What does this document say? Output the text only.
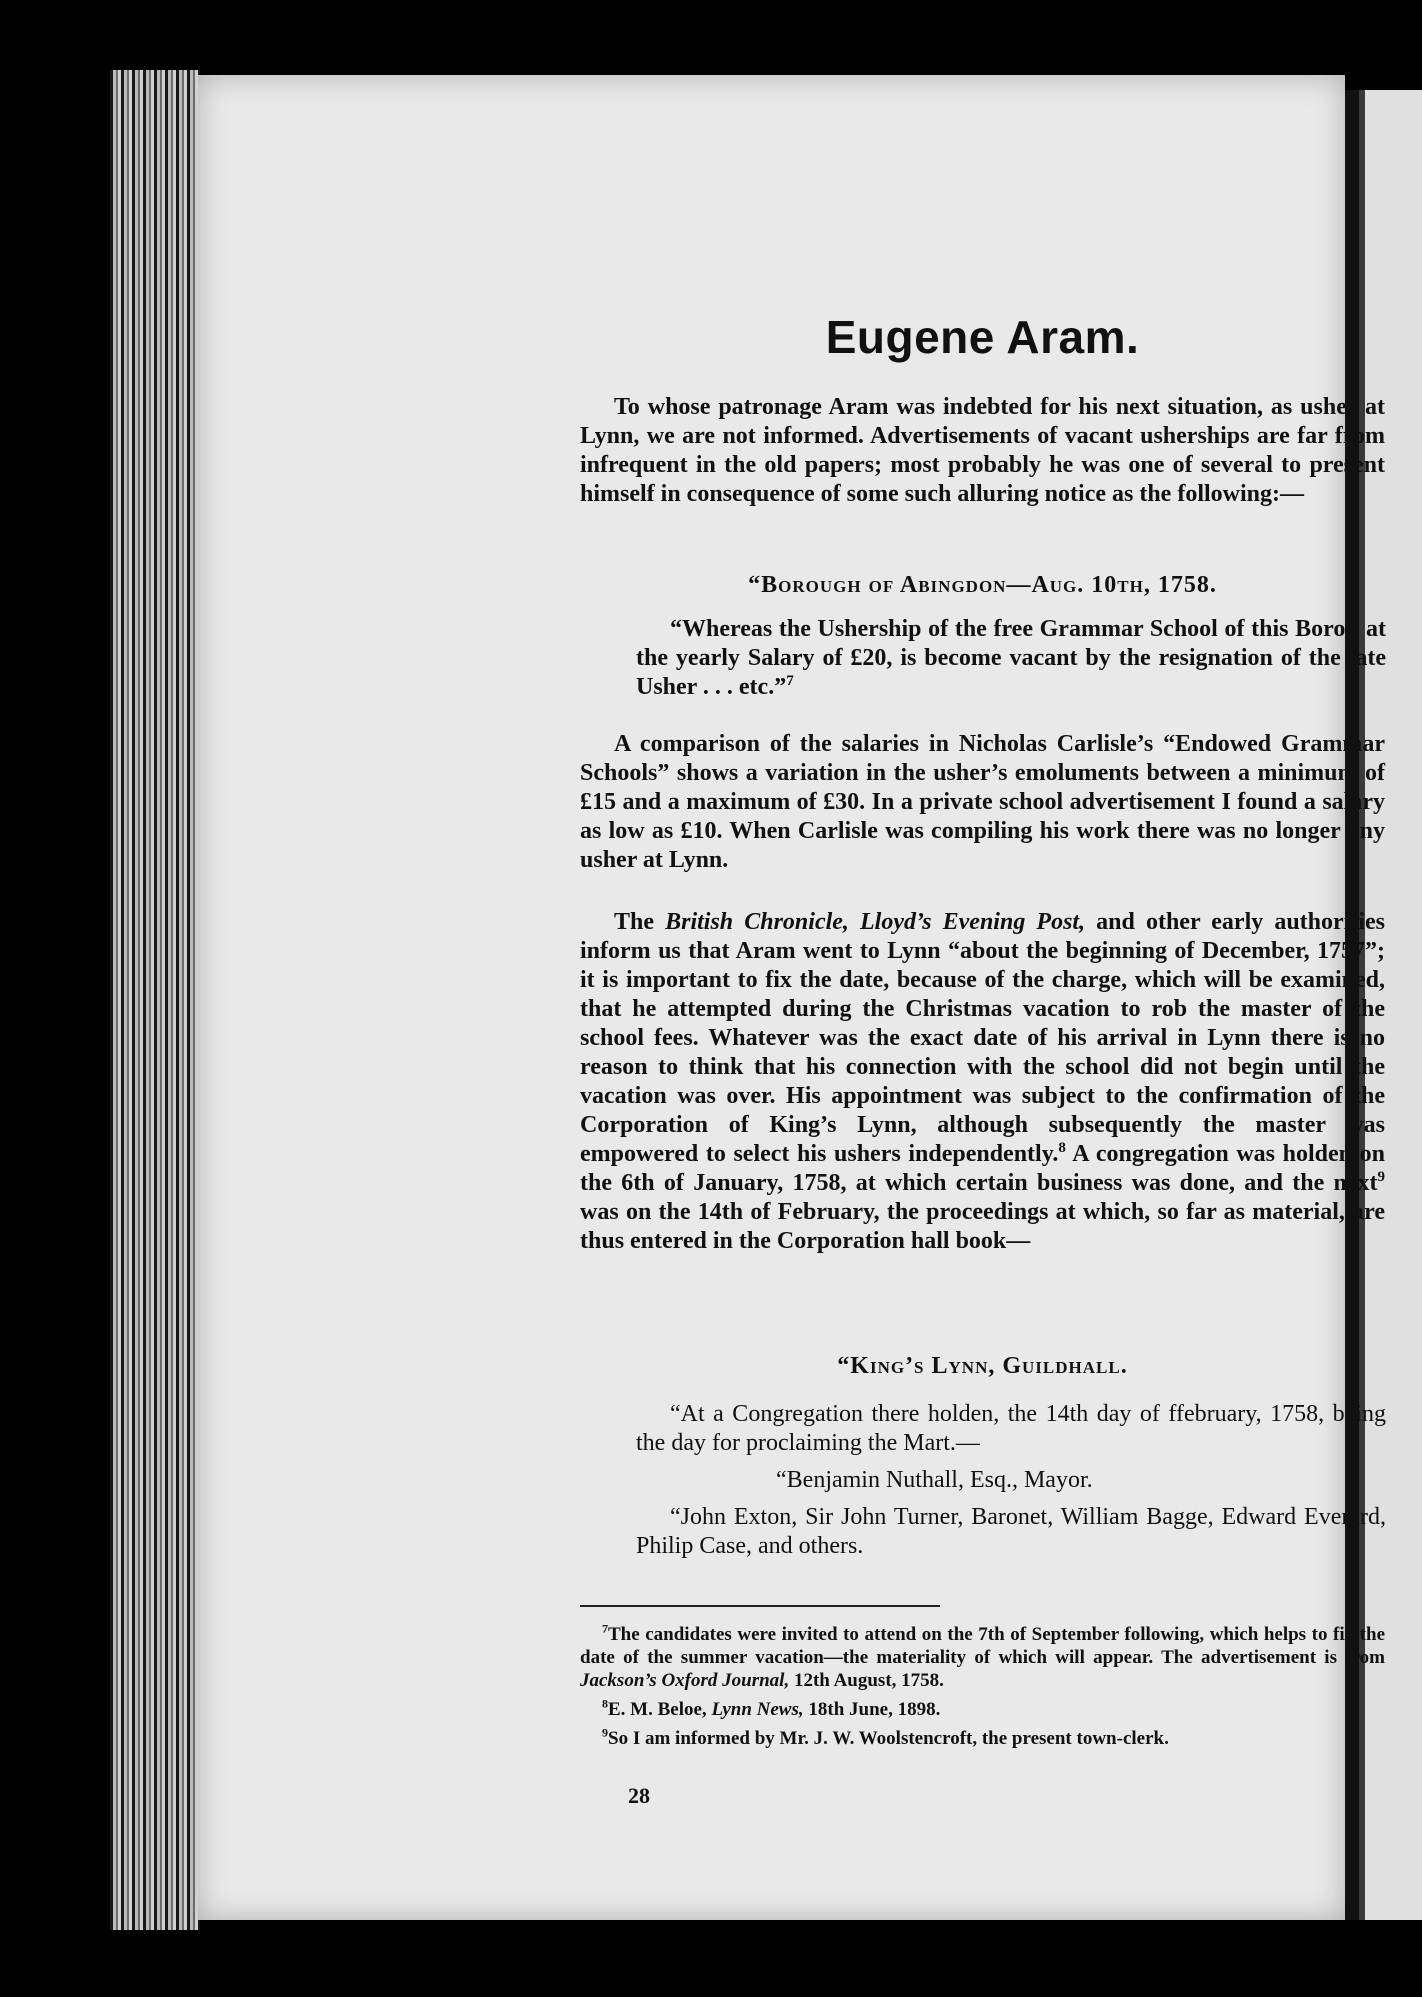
Eugene Aram.

To whose patronage Aram was indebted for his next situation, as usher at Lynn, we are not informed. Advertisements of vacant usherships are far from infrequent in the old papers; most probably he was one of several to present himself in consequence of some such alluring notice as the following:—

“Borough of Abingdon—Aug. 10th, 1758.

“Whereas the Ushership of the free Grammar School of this Boro’, at the yearly Salary of £20, is become vacant by the resignation of the late Usher . . . etc.”$^7$

A comparison of the salaries in Nicholas Carlisle’s “Endowed Grammar Schools” shows a variation in the usher’s emoluments between a minimum of £15 and a maximum of £30. In a private school advertisement I found a salary as low as £10. When Carlisle was compiling his work there was no longer any usher at Lynn.

The British Chronicle, Lloyd’s Evening Post, and other early authorities inform us that Aram went to Lynn “about the beginning of December, 1757”; it is important to fix the date, because of the charge, which will be examined, that he attempted during the Christmas vacation to rob the master of the school fees. Whatever was the exact date of his arrival in Lynn there is no reason to think that his connection with the school did not begin until the vacation was over. His appointment was subject to the confirmation of the Corporation of King’s Lynn, although subsequently the master was empowered to select his ushers independently.$^8$ A congregation was holden on the 6th of January, 1758, at which certain business was done, and the next$^9$ was on the 14th of February, the proceedings at which, so far as material, are thus entered in the Corporation hall book—

“King’s Lynn, Guildhall.

“At a Congregation there holden, the 14th day of ffebruary, 1758, being the day for proclaiming the Mart.—

“Benjamin Nuthall, Esq., Mayor.

“John Exton, Sir John Turner, Baronet, William Bagge, Edward Everard, Philip Case, and others.

$^7$The candidates were invited to attend on the 7th of September following, which helps to fix the date of the summer vacation—the materiality of which will appear. The advertisement is from Jackson’s Oxford Journal, 12th August, 1758.

$^8$E. M. Beloe, Lynn News, 18th June, 1898.

$^9$So I am informed by Mr. J. W. Woolstencroft, the present town-clerk.

28
